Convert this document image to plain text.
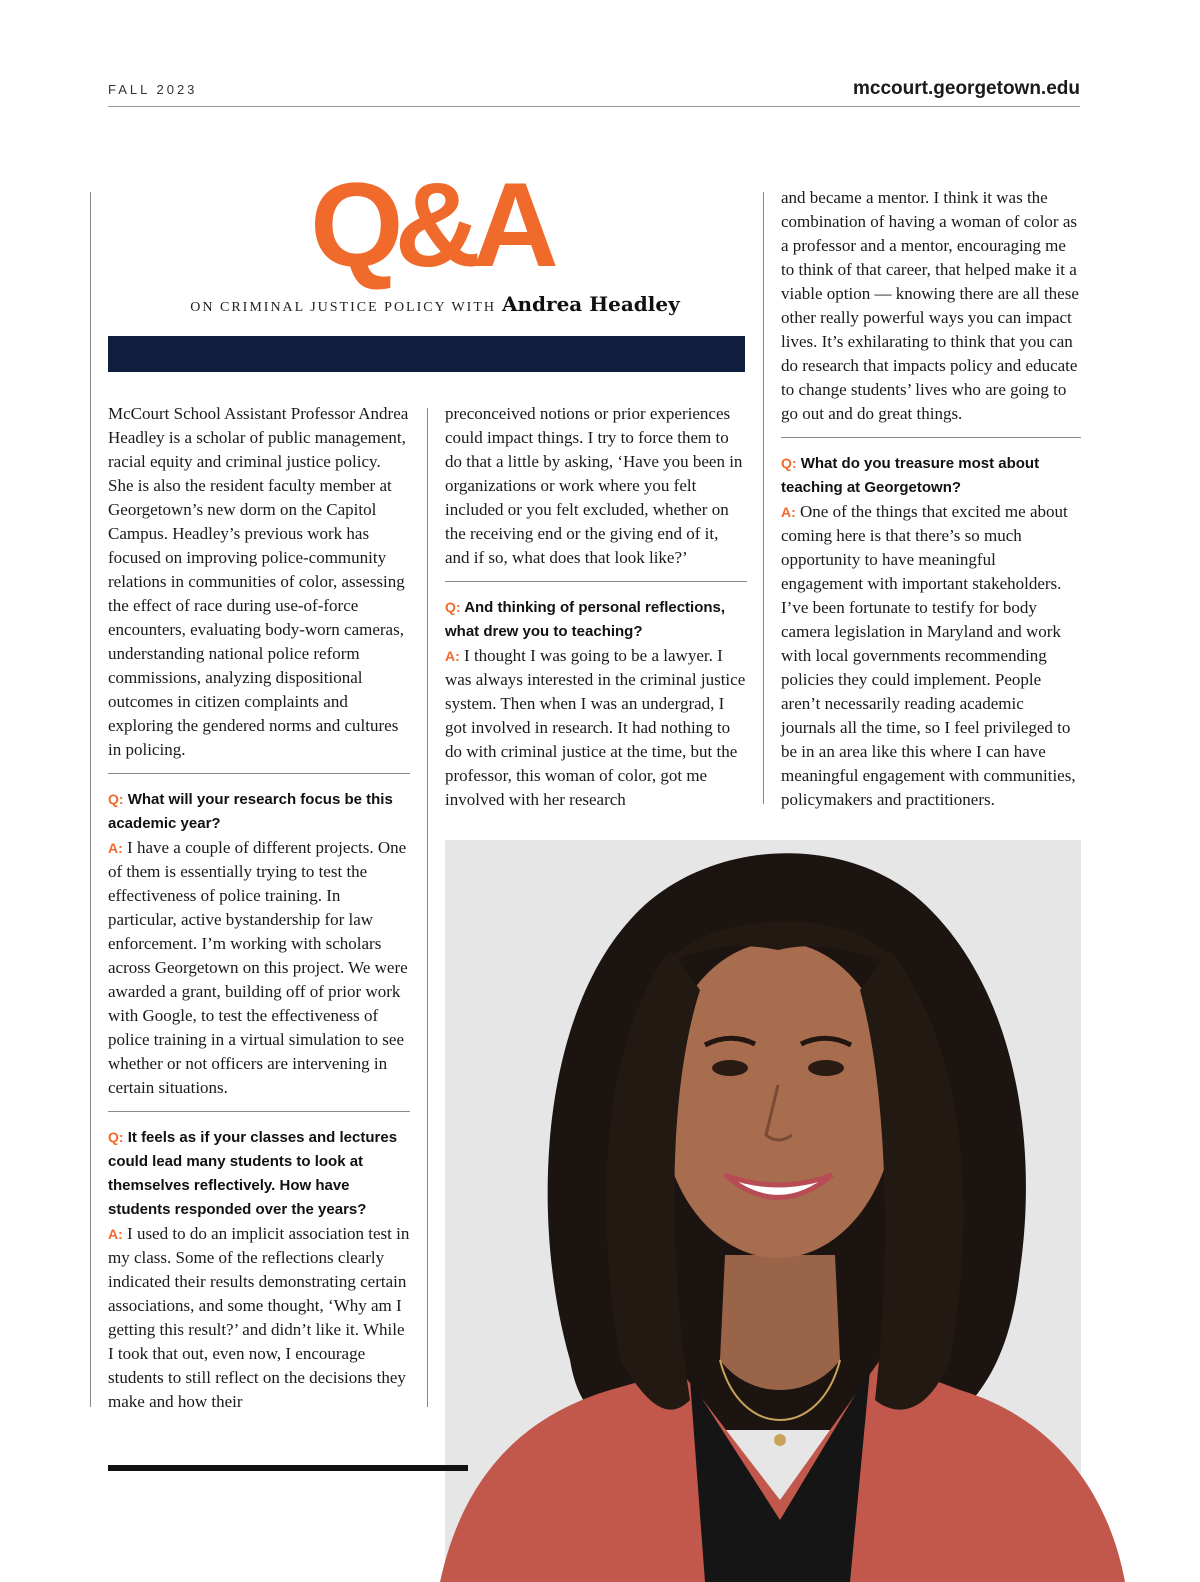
FALL 2023	mccourt.georgetown.edu
Q&A
ON CRIMINAL JUSTICE POLICY WITH Andrea Headley

McCourt School Assistant Professor Andrea Headley is a scholar of public management, racial equity and criminal justice policy. She is also the resident faculty member at Georgetown’s new dorm on the Capitol Campus. Headley’s previous work has focused on improving police-community relations in communities of color, assessing the effect of race during use-of-force encounters, evaluating body-worn cameras, understanding national police reform commissions, analyzing dispositional outcomes in citizen complaints and exploring the gendered norms and cultures in policing.

Q: What will your research focus be this academic year?

A: I have a couple of different projects. One of them is essentially trying to test the effectiveness of police training. In particular, active bystandership for law enforcement. I’m working with scholars across Georgetown on this project. We were awarded a grant, building off of prior work with Google, to test the effectiveness of police training in a virtual simulation to see whether or not officers are intervening in certain situations.

Q: It feels as if your classes and lectures could lead many students to look at themselves reflectively. How have students responded over the years?

A: I used to do an implicit association test in my class. Some of the reflections clearly indicated their results demonstrating certain associations, and some thought, ‘Why am I getting this result?’ and didn’t like it. While I took that out, even now, I encourage students to still reflect on the decisions they make and how their

preconceived notions or prior experiences could impact things. I try to force them to do that a little by asking, ‘Have you been in organizations or work where you felt included or you felt excluded, whether on the receiving end or the giving end of it, and if so, what does that look like?’

Q: And thinking of personal reflections, what drew you to teaching?

A: I thought I was going to be a lawyer. I was always interested in the criminal justice system. Then when I was an undergrad, I got involved in research. It had nothing to do with criminal justice at the time, but the professor, this woman of color, got me involved with her research

and became a mentor. I think it was the combination of having a woman of color as a professor and a mentor, encouraging me to think of that career, that helped make it a viable option — knowing there are all these other really powerful ways you can impact lives. It’s exhilarating to think that you can do research that impacts policy and educate to change students’ lives who are going to go out and do great things.

Q: What do you treasure most about teaching at Georgetown?

A: One of the things that excited me about coming here is that there’s so much opportunity to have meaningful engagement with important stakeholders. I’ve been fortunate to testify for body camera legislation in Maryland and work with local governments recommending policies they could implement. People aren’t necessarily reading academic journals all the time, so I feel privileged to be in an area like this where I can have meaningful engagement with communities, policymakers and practitioners.
